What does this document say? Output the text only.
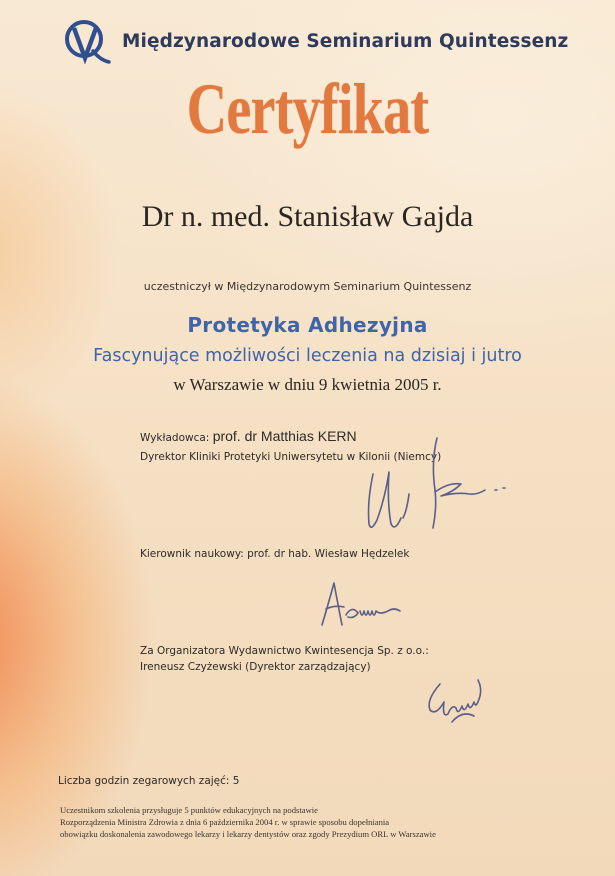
Międzynarodowe Seminarium Quintessenz
Certyfikat
Dr n. med. Stanisław Gajda
uczestniczył w Międzynarodowym Seminarium Quintessenz
Protetyka Adhezyjna
Fascynujące możliwości leczenia na dzisiaj i jutro
w Warszawie w dniu 9 kwietnia 2005 r.
Wykładowca: prof. dr Matthias KERN
Dyrektor Kliniki Protetyki Uniwersytetu w Kilonii (Niemcy)
Kierownik naukowy: prof. dr hab. Wiesław Hędzelek
Za Organizatora Wydawnictwo Kwintesencja Sp. z o.o.:
Ireneusz Czyżewski (Dyrektor zarządzający)
Liczba godzin zegarowych zajęć: 5
Uczestnikom szkolenia przysługuje 5 punktów edukacyjnych na podstawie
Rozporządzenia Ministra Zdrowia z dnia 6 października 2004 r. w sprawie sposobu dopełniania
obowiązku doskonalenia zawodowego lekarzy i lekarzy dentystów oraz zgody Prezydium ORL w Warszawie
